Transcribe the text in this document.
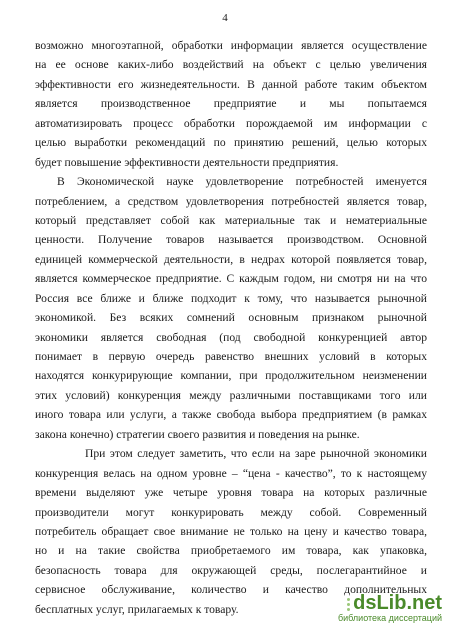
4
возможно многоэтапной, обработки информации является осуществление
на ее основе каких-либо воздействий на объект с целью увеличения
эффективности его жизнедеятельности. В данной работе таким объектом
является производственное предприятие и мы попытаемся
автоматизировать процесс обработки порождаемой им информации с
целью выработки рекомендаций по принятию решений, целью которых
будет повышение эффективности деятельности предприятия.
В Экономической науке удовлетворение потребностей именуется
потреблением, а средством удовлетворения потребностей является товар,
который представляет собой как материальные так и нематериальные
ценности. Получение товаров называется производством. Основной
единицей коммерческой деятельности, в недрах которой появляется товар,
является коммерческое предприятие. С каждым годом, ни смотря ни на что
Россия все ближе и ближе подходит к тому, что называется рыночной
экономикой. Без всяких сомнений основным признаком рыночной
экономики является свободная (под свободной конкуренцией автор
понимает в первую очередь равенство внешних условий в которых
находятся конкурирующие компании, при продолжительном неизменении
этих условий) конкуренция между различными поставщиками того или
иного товара или услуги, а также свобода выбора предприятием (в рамках
закона конечно) стратегии своего развития и поведения на рынке.
При этом следует заметить, что если на заре рыночной экономики
конкуренция велась на одном уровне – “цена - качество”, то к настоящему
времени выделяют уже четыре уровня товара на которых различные
производители могут конкурировать между собой. Современный
потребитель обращает свое внимание не только на цену и качество товара,
но и на такие свойства приобретаемого им товара, как упаковка,
безопасность товара для окружающей среды, послегарантийное и
сервисное обслуживание, количество и качество дополнительных
бесплатных услуг, прилагаемых к товару.	dsLib.net
библиотека диссертаций
